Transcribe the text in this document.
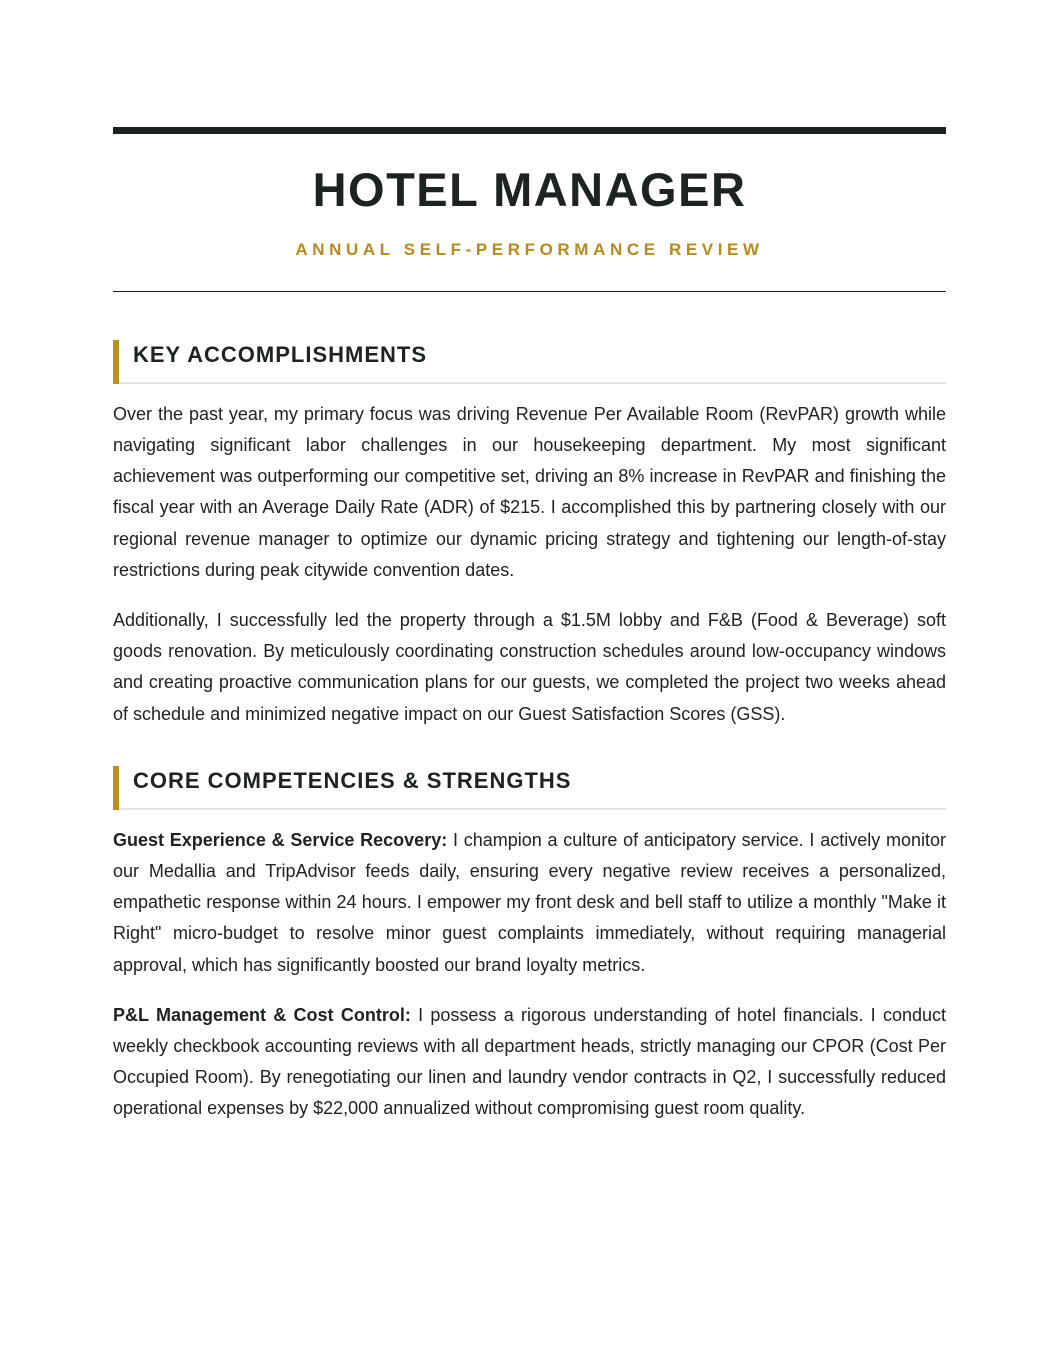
HOTEL MANAGER

ANNUAL SELF-PERFORMANCE REVIEW

KEY ACCOMPLISHMENTS

Over the past year, my primary focus was driving Revenue Per Available Room (RevPAR) growth while navigating significant labor challenges in our housekeeping department. My most significant achievement was outperforming our competitive set, driving an 8% increase in RevPAR and finishing the fiscal year with an Average Daily Rate (ADR) of $215. I accomplished this by partnering closely with our regional revenue manager to optimize our dynamic pricing strategy and tightening our length-of-stay restrictions during peak citywide convention dates.

Additionally, I successfully led the property through a $1.5M lobby and F&B (Food & Beverage) soft goods renovation. By meticulously coordinating construction schedules around low-occupancy windows and creating proactive communication plans for our guests, we completed the project two weeks ahead of schedule and minimized negative impact on our Guest Satisfaction Scores (GSS).

CORE COMPETENCIES & STRENGTHS

Guest Experience & Service Recovery: I champion a culture of anticipatory service. I actively monitor our Medallia and TripAdvisor feeds daily, ensuring every negative review receives a personalized, empathetic response within 24 hours. I empower my front desk and bell staff to utilize a monthly "Make it Right" micro-budget to resolve minor guest complaints immediately, without requiring managerial approval, which has significantly boosted our brand loyalty metrics.

P&L Management & Cost Control: I possess a rigorous understanding of hotel financials. I conduct weekly checkbook accounting reviews with all department heads, strictly managing our CPOR (Cost Per Occupied Room). By renegotiating our linen and laundry vendor contracts in Q2, I successfully reduced operational expenses by $22,000 annualized without compromising guest room quality.
